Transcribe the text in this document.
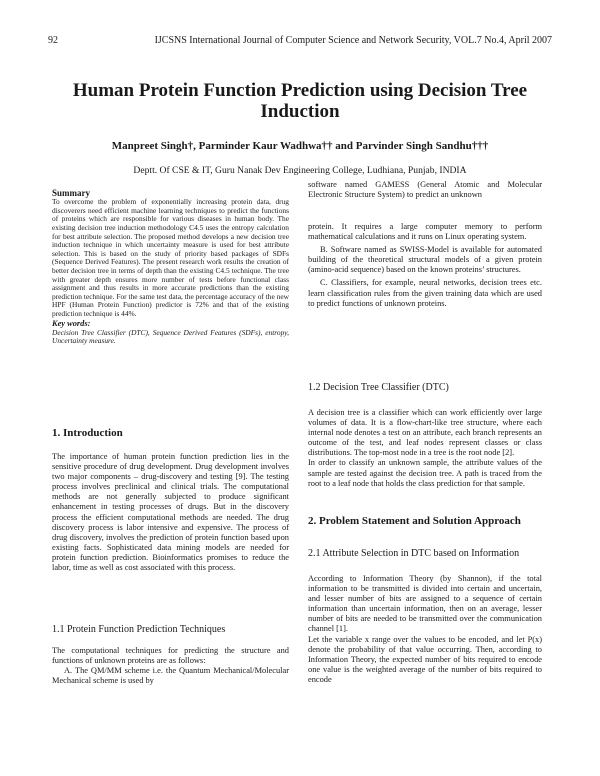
92	IJCSNS International Journal of Computer Science and Network Security, VOL.7 No.4, April 2007
Human Protein Function Prediction using Decision Tree
Induction
Manpreet Singh†, Parminder Kaur Wadhwa†† and Parvinder Singh Sandhu†††
Deptt. Of CSE & IT, Guru Nanak Dev Engineering College, Ludhiana, Punjab, INDIA

Summary

To overcome the problem of exponentially increasing protein data, drug discoverers need efficient machine learning techniques to predict the functions of proteins which are responsible for various diseases in human body. The existing decision tree induction methodology C4.5 uses the entropy calculation for best attribute selection. The proposed method develops a new decision tree induction technique in which uncertainty measure is used for best attribute selection. This is based on the study of priority based packages of SDFs (Sequence Derived Features). The present research work results the creation of better decision tree in terms of depth than the existing C4.5 technique. The tree with greater depth ensures more number of tests before functional class assignment and thus results in more accurate predictions than the existing prediction technique. For the same test data, the percentage accuracy of the new HPF (Human Protein Function) predictor is 72% and that of the existing prediction technique is 44%.

Key words:

Decision Tree Classifier (DTC), Sequence Derived Features (SDFs), entropy, Uncertainty measure.

1. Introduction

The importance of human protein function prediction lies in the sensitive procedure of drug development. Drug development involves two major components – drug-discovery and testing [9]. The testing process involves preclinical and clinical trials. The computational methods are not generally subjected to produce significant enhancement in testing processes of drugs. But in the discovery process the efficient computational methods are needed. The drug discovery process is labor intensive and expensive. The process of drug discovery, involves the prediction of protein function based upon existing facts. Sophisticated data mining models are needed for protein function prediction. Bioinformatics promises to reduce the labor, time as well as cost associated with this process.

1.1 Protein Function Prediction Techniques

The computational techniques for predicting the structure and functions of unknown proteins are as follows:

A. The QM/MM scheme i.e. the Quantum Mechanical/Molecular Mechanical scheme is used by

software named GAMESS (General Atomic and Molecular Electronic Structure System) to predict an unknown

protein. It requires a large computer memory to perform mathematical calculations and it runs on Linux operating system.

B. Software named as SWISS-Model is available for automated building of the theoretical structural models of a given protein (amino-acid sequence) based on the known proteins’ structures.

C. Classifiers, for example, neural networks, decision trees etc. learn classification rules from the given training data which are used to predict functions of unknown proteins.

1.2 Decision Tree Classifier (DTC)

A decision tree is a classifier which can work efficiently over large volumes of data. It is a flow-chart-like tree structure, where each internal node denotes a test on an attribute, each branch represents an outcome of the test, and leaf nodes represent classes or class distributions. The top-most node in a tree is the root node [2].

In order to classify an unknown sample, the attribute values of the sample are tested against the decision tree. A path is traced from the root to a leaf node that holds the class prediction for that sample.

2. Problem Statement and Solution Approach

2.1 Attribute Selection in DTC based on Information

According to Information Theory (by Shannon), if the total information to be transmitted is divided into certain and uncertain, and lesser number of bits are assigned to a sequence of certain information than uncertain information, then on an average, lesser number of bits are needed to be transmitted over the communication channel [1].

Let the variable x range over the values to be encoded, and let P(x) denote the probability of that value occurring. Then, according to Information Theory, the expected number of bits required to encode one value is the weighted average of the number of bits required to encode
